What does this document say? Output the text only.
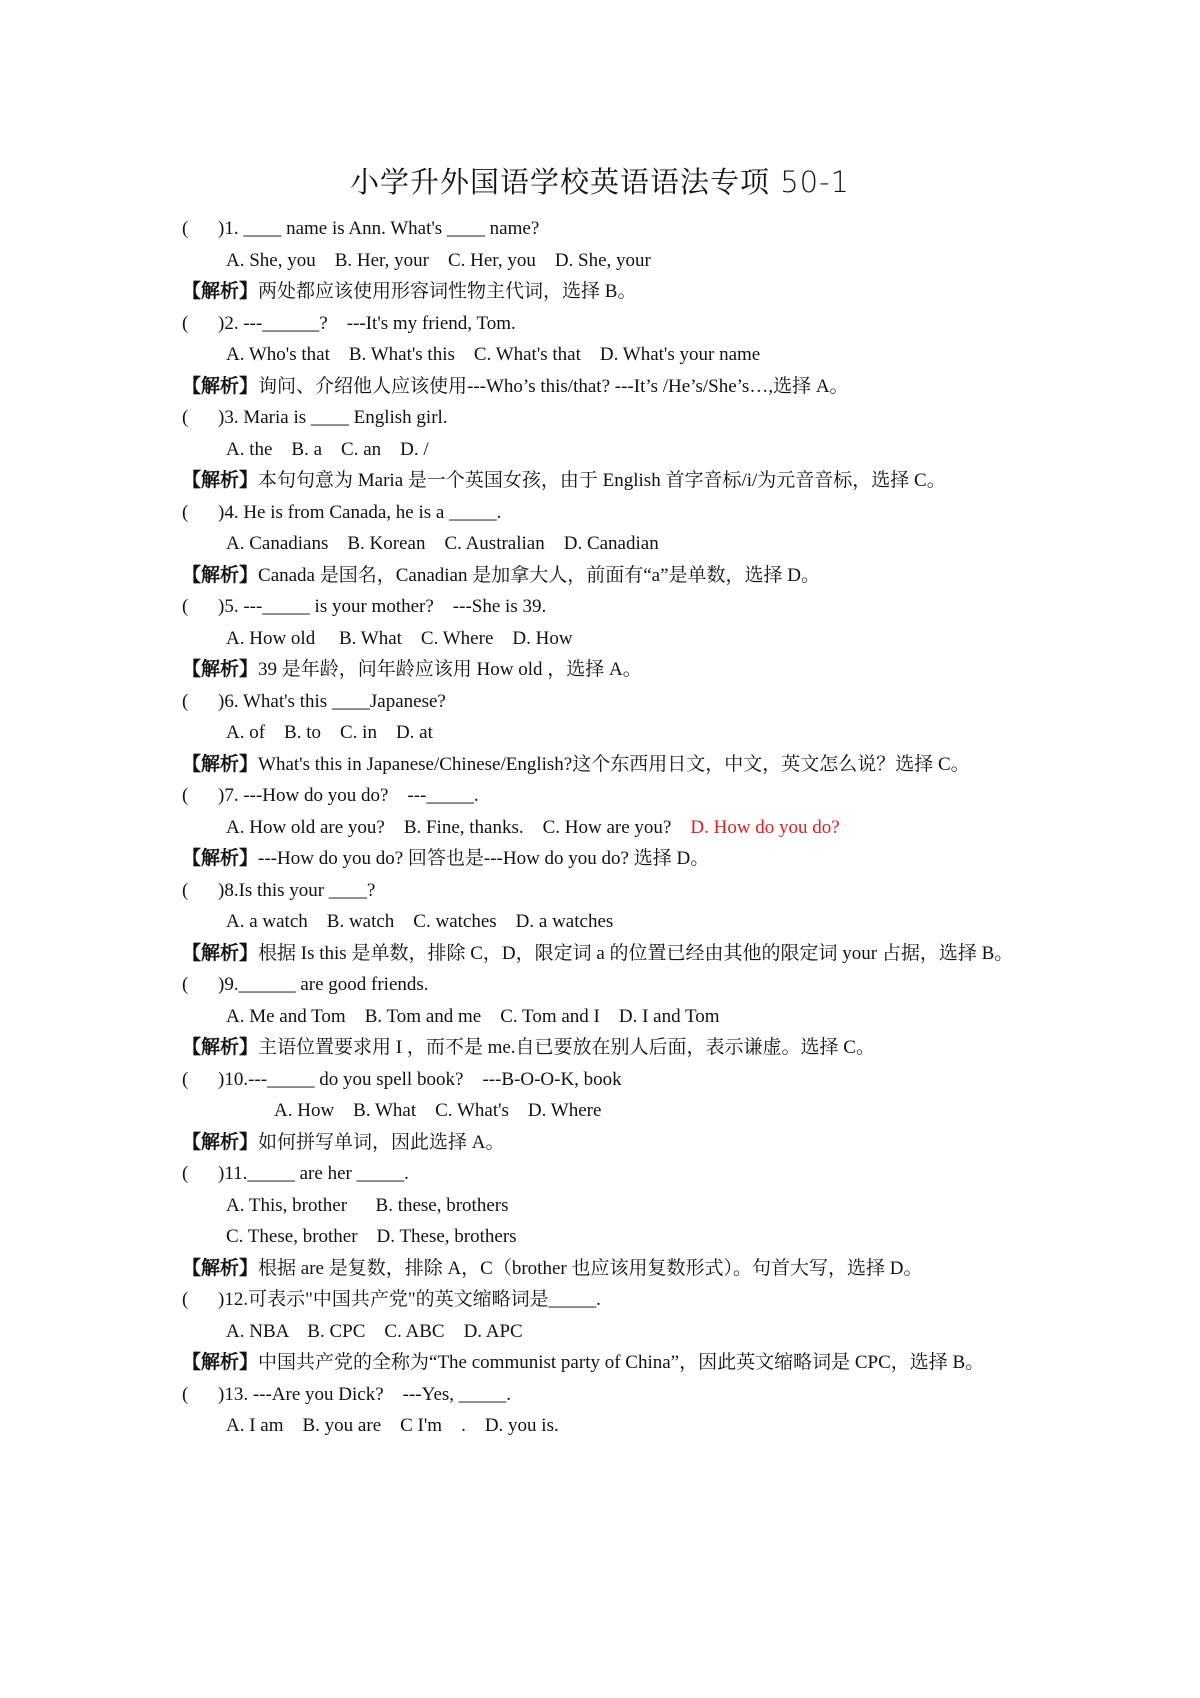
小学升外国语学校英语语法专项 50-1
( )1. ____ name is Ann. What's ____ name?
A. She, you    B. Her, your    C. Her, you    D. She, your
【解析】两处都应该使用形容词性物主代词，选择 B。
( )2. ---______?    ---It's my friend, Tom.
A. Who's that    B. What's this    C. What's that    D. What's your name
【解析】询问、介绍他人应该使用---Who’s this/that? ---It’s /He’s/She’s…,选择 A。
( )3. Maria is ____ English girl.
A. the    B. a    C. an    D. /
【解析】本句句意为 Maria 是一个英国女孩，由于 English 首字音标/i/为元音音标，选择 C。
( )4. He is from Canada, he is a _____.
A. Canadians    B. Korean    C. Australian    D. Canadian
【解析】Canada 是国名，Canadian 是加拿大人，前面有“a”是单数，选择 D。
( )5. ---_____ is your mother?    ---She is 39.
A. How old     B. What    C. Where    D. How
【解析】39 是年龄，问年龄应该用 How old ，选择 A。
( )6. What's this ____Japanese?
A. of    B. to    C. in    D. at
【解析】What's this in Japanese/Chinese/English?这个东西用日文，中文，英文怎么说？选择 C。
( )7. ---How do you do?    ---_____.
A. How old are you?    B. Fine, thanks.    C. How are you?    D. How do you do?
【解析】---How do you do? 回答也是---How do you do? 选择 D。
( )8.Is this your ____?
A. a watch    B. watch    C. watches    D. a watches
【解析】根据 Is this 是单数，排除 C，D，限定词 a 的位置已经由其他的限定词 your 占据，选择 B。
( )9.______ are good friends.
A. Me and Tom    B. Tom and me    C. Tom and I    D. I and Tom
【解析】主语位置要求用 I ，而不是 me.自已要放在别人后面，表示谦虚。选择 C。
( )10.---_____ do you spell book?    ---B-O-O-K, book
A. How    B. What    C. What's    D. Where
【解析】如何拼写单词，因此选择 A。
( )11._____ are her _____.
A. This, brother      B. these, brothers
C. These, brother    D. These, brothers
【解析】根据 are 是复数，排除 A，C（brother 也应该用复数形式）。句首大写，选择 D。
( )12.可表示"中国共产党"的英文缩略词是_____.
A. NBA    B. CPC    C. ABC    D. APC
【解析】中国共产党的全称为“The communist party of China”，因此英文缩略词是 CPC，选择 B。
( )13. ---Are you Dick?    ---Yes, _____.
A. I am    B. you are    C I'm    .    D. you is.
